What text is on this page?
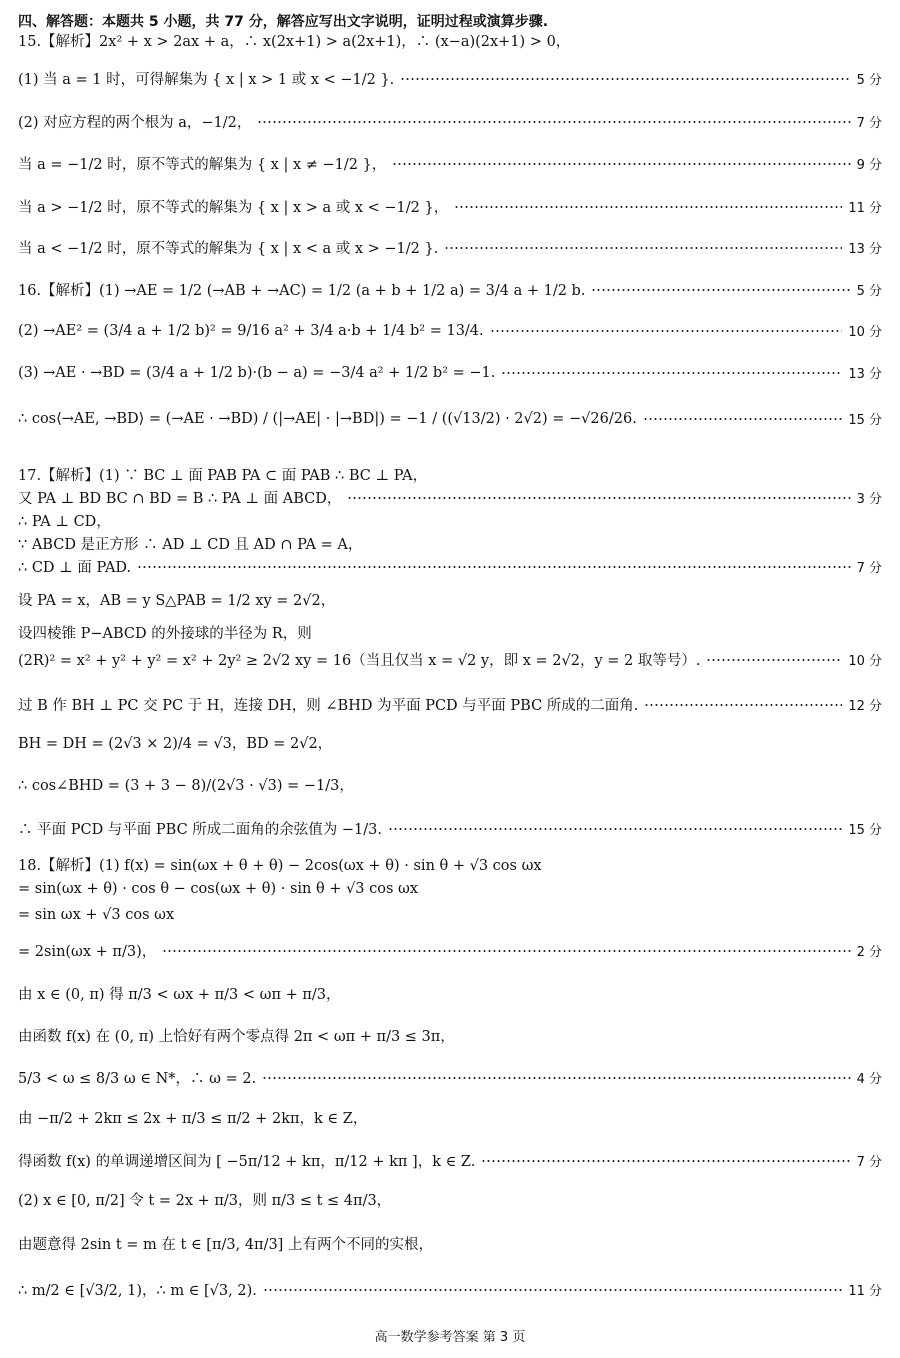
四、解答题：本题共 5 小题，共 77 分，解答应写出文字说明，证明过程或演算步骤.
15.【解析】2x² + x > 2ax + a，∴ x(2x+1) > a(2x+1)，∴ (x−a)(2x+1) > 0，
(1) 当 a = 1 时，可得解集为 { x | x > 1 或 x < −1/2 }.	5 分
(2) 对应方程的两个根为 a，−1/2，	7 分
当 a = −1/2 时，原不等式的解集为 { x | x ≠ −1/2 }，	9 分
当 a > −1/2 时，原不等式的解集为 { x | x > a 或 x < −1/2 }，	11 分
当 a < −1/2 时，原不等式的解集为 { x | x < a 或 x > −1/2 }.	13 分
16.【解析】(1) →AE = 1/2 (→AB + →AC) = 1/2 (a + b + 1/2 a) = 3/4 a + 1/2 b.	5 分
(2) →AE² = (3/4 a + 1/2 b)² = 9/16 a² + 3/4 a·b + 1/4 b² = 13/4.	10 分
(3) →AE · →BD = (3/4 a + 1/2 b)·(b − a) = −3/4 a² + 1/2 b² = −1.	13 分
∴ cos⟨→AE, →BD⟩ = (→AE · →BD) / (|→AE| · |→BD|) = −1 / ((√13/2) · 2√2) = −√26/26.	15 分
17.【解析】(1) ∵ BC ⊥ 面 PAB PA ⊂ 面 PAB ∴ BC ⊥ PA，
又 PA ⊥ BD BC ∩ BD = B ∴ PA ⊥ 面 ABCD，	3 分
∴ PA ⊥ CD，
∵ ABCD 是正方形 ∴ AD ⊥ CD 且 AD ∩ PA = A，
∴ CD ⊥ 面 PAD.	7 分
设 PA = x，AB = y S△PAB = 1/2 xy = 2√2，
设四棱锥 P−ABCD 的外接球的半径为 R，则
(2R)² = x² + y² + y² = x² + 2y² ≥ 2√2 xy = 16（当且仅当 x = √2 y，即 x = 2√2，y = 2 取等号）.	10 分
过 B 作 BH ⊥ PC 交 PC 于 H，连接 DH，则 ∠BHD 为平面 PCD 与平面 PBC 所成的二面角.	12 分
BH = DH = (2√3 × 2)/4 = √3，BD = 2√2，
∴ cos∠BHD = (3 + 3 − 8)/(2√3 · √3) = −1/3，
∴ 平面 PCD 与平面 PBC 所成二面角的余弦值为 −1/3.	15 分
18.【解析】(1) f(x) = sin(ωx + θ + θ) − 2cos(ωx + θ) · sin θ + √3 cos ωx
= sin(ωx + θ) · cos θ − cos(ωx + θ) · sin θ + √3 cos ωx
= sin ωx + √3 cos ωx
= 2sin(ωx + π/3)，	2 分
由 x ∈ (0, π) 得 π/3 < ωx + π/3 < ωπ + π/3，
由函数 f(x) 在 (0, π) 上恰好有两个零点得 2π < ωπ + π/3 ≤ 3π，
5/3 < ω ≤ 8/3 ω ∈ N*，∴ ω = 2.	4 分
由 −π/2 + 2kπ ≤ 2x + π/3 ≤ π/2 + 2kπ，k ∈ Z，
得函数 f(x) 的单调递增区间为 [ −5π/12 + kπ，π/12 + kπ ]，k ∈ Z.	7 分
(2) x ∈ [0, π/2] 令 t = 2x + π/3，则 π/3 ≤ t ≤ 4π/3，
由题意得 2sin t = m 在 t ∈ [π/3, 4π/3] 上有两个不同的实根，
∴ m/2 ∈ [√3/2, 1)，∴ m ∈ [√3, 2).	11 分
高一数学参考答案 第 3 页
